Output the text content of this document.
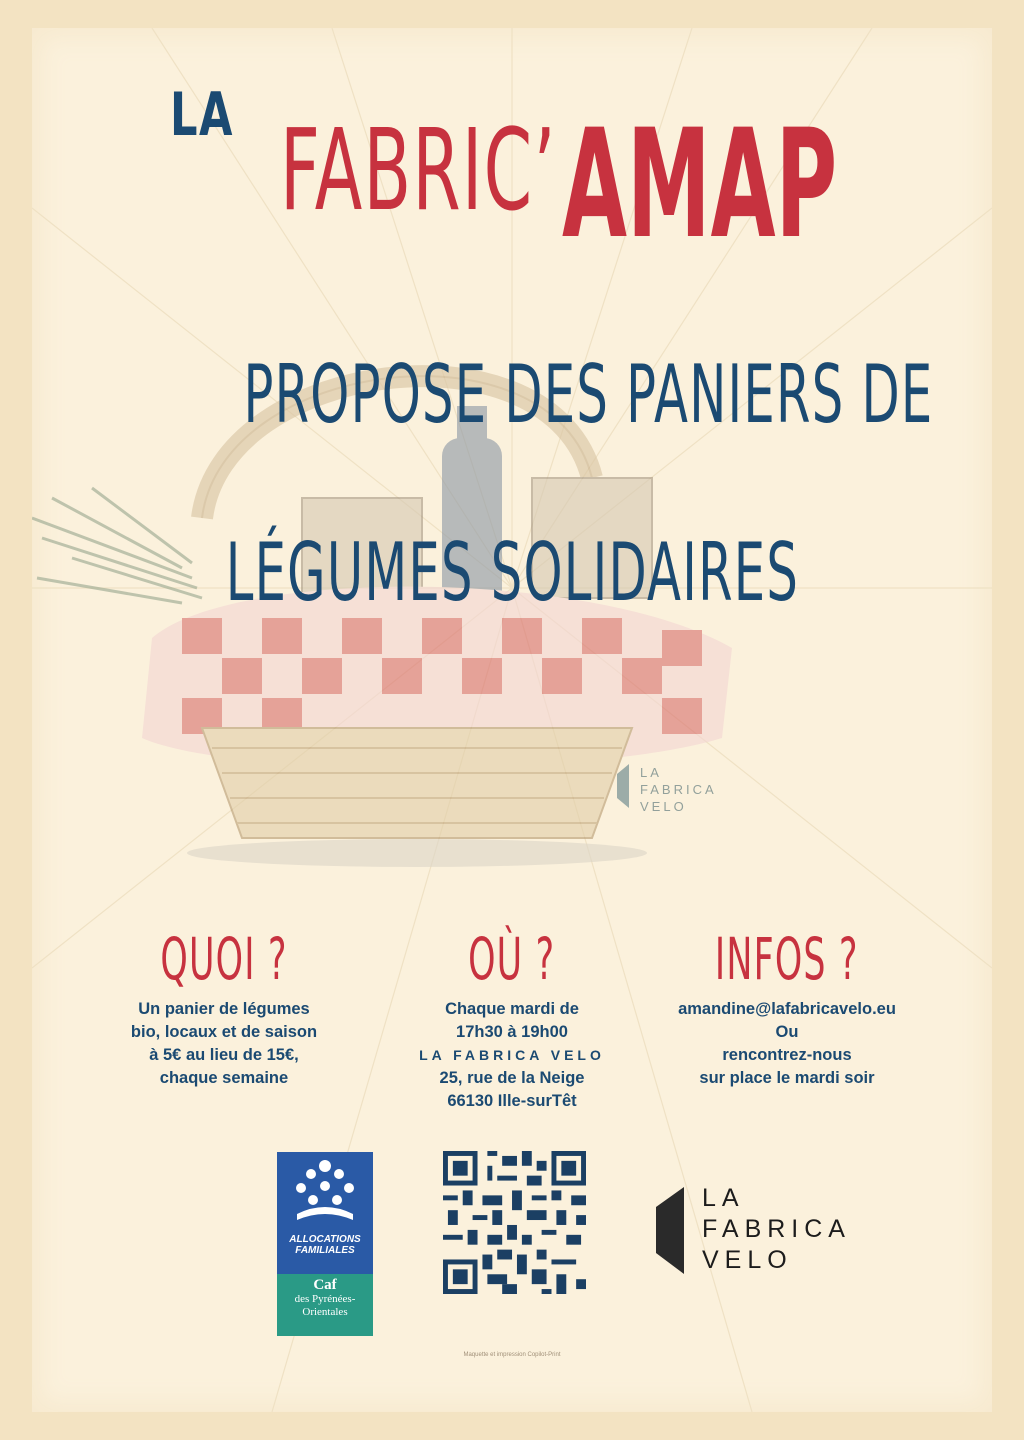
LA FABRIC’ AMAP
PROPOSE DES PANIERS DE
LÉGUMES SOLIDAIRES
LA
FABRICA
VELO
QUOI ?
Un panier de légumes
bio, locaux et de saison
à 5€ au lieu de 15€,
chaque semaine
OÙ ?
Chaque mardi de
17h30 à 19h00
LA FABRICA VELO
25, rue de la Neige
66130 Ille-surTêt
INFOS ?
amandine@lafabricavelo.eu
Ou
rencontrez-nous
sur place le mardi soir
ALLOCATIONS
FAMILIALES
Caf
des Pyrénées-
Orientales
LA
FABRICA
VELO
Maquette et impression Copilot-Print
